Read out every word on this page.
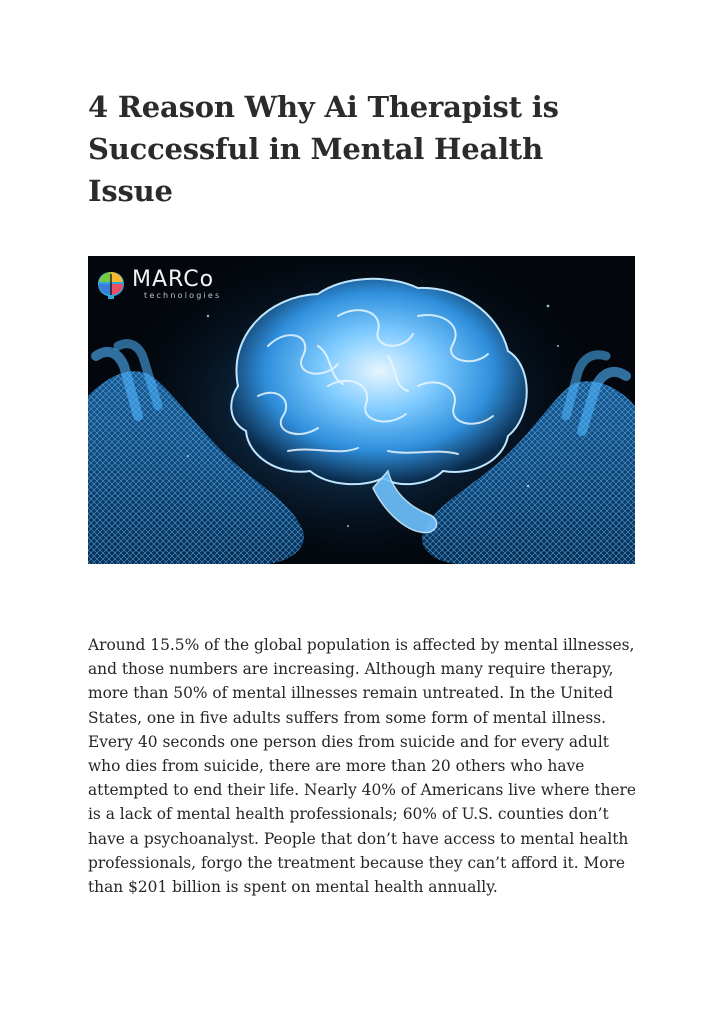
4 Reason Why Ai Therapist is Successful in Mental Health Issue
MARCo
technologies

Around 15.5% of the global population is affected by mental illnesses, and those numbers are increasing. Although many require therapy, more than 50% of mental illnesses remain untreated. In the United States, one in five adults suffers from some form of mental illness. Every 40 seconds one person dies from suicide and for every adult who dies from suicide, there are more than 20 others who have attempted to end their life. Nearly 40% of Americans live where there is a lack of mental health professionals; 60% of U.S. counties don’t have a psychoanalyst. People that don’t have access to mental health professionals, forgo the treatment because they can’t afford it. More than $201 billion is spent on mental health annually.
